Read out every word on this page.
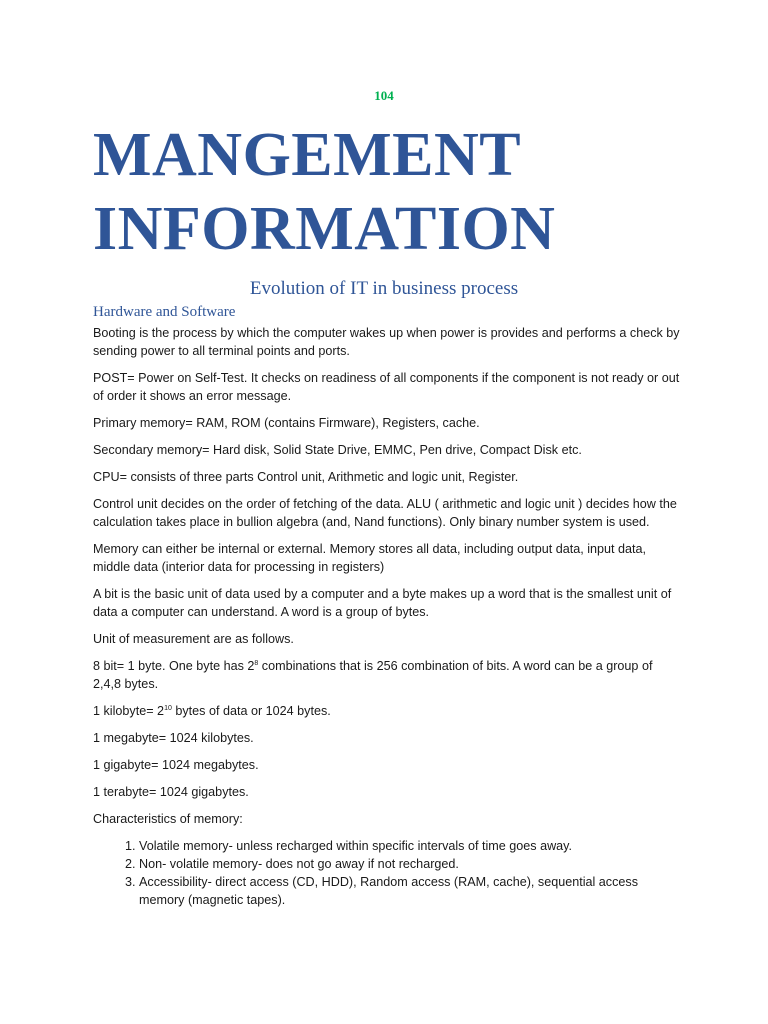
104
MANGEMENT
INFORMATION
Evolution of IT in business process
Hardware and Software

Booting is the process by which the computer wakes up when power is provides and performs a check by sending power to all terminal points and ports.

POST= Power on Self-Test. It checks on readiness of all components if the component is not ready or out of order it shows an error message.

Primary memory= RAM, ROM (contains Firmware), Registers, cache.

Secondary memory= Hard disk, Solid State Drive, EMMC, Pen drive, Compact Disk etc.

CPU= consists of three parts Control unit, Arithmetic and logic unit, Register.

Control unit decides on the order of fetching of the data. ALU ( arithmetic and logic unit ) decides how the calculation takes place in bullion algebra (and, Nand functions). Only binary number system is used.

Memory can either be internal or external. Memory stores all data, including output data, input data, middle data (interior data for processing in registers)

A bit is the basic unit of data used by a computer and a byte makes up a word that is the smallest unit of data a computer can understand. A word is a group of bytes.

Unit of measurement are as follows.

8 bit= 1 byte. One byte has $2^8$ combinations that is 256 combination of bits. A word can be a group of 2,4,8 bytes.

1 kilobyte= $2^{10}$ bytes of data or 1024 bytes.

1 megabyte= 1024 kilobytes.

1 gigabyte= 1024 megabytes.

1 terabyte= 1024 gigabytes.

Characteristics of memory:

1. Volatile memory- unless recharged within specific intervals of time goes away.
2. Non- volatile memory- does not go away if not recharged.
3. Accessibility- direct access (CD, HDD), Random access (RAM, cache), sequential access memory (magnetic tapes).
